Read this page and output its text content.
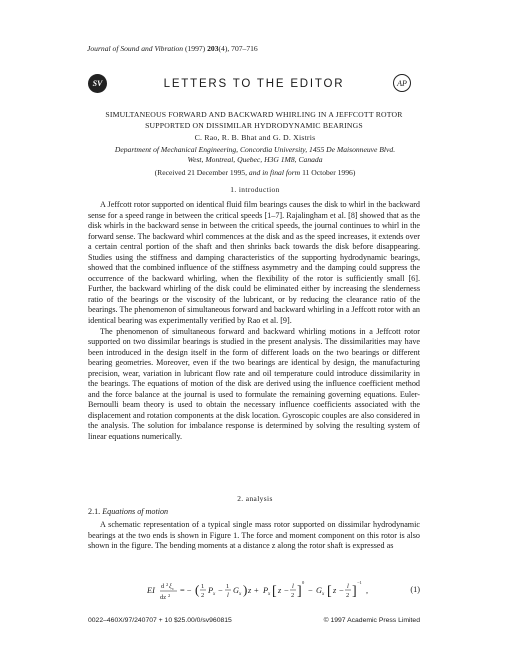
Journal of Sound and Vibration (1997) 203(4), 707–716
SV	LETTERS TO THE EDITOR	AP
SIMULTANEOUS FORWARD AND BACKWARD WHIRLING IN A JEFFCOTT ROTOR SUPPORTED ON DISSIMILAR HYDRODYNAMIC BEARINGS
C. Rao, R. B. Bhat and G. D. Xistris
Department of Mechanical Engineering, Concordia University, 1455 De Maisonneuve Blvd.
West, Montreal, Quebec, H3G 1M8, Canada
(Received 21 December 1995, and in final form 11 October 1996)
1. introduction

A Jeffcott rotor supported on identical fluid film bearings causes the disk to whirl in the backward sense for a speed range in between the critical speeds [1–7]. Rajalingham et al. [8] showed that as the disk whirls in the backward sense in between the critical speeds, the journal continues to whirl in the forward sense. The backward whirl commences at the disk and as the speed increases, it extends over a certain central portion of the shaft and then shrinks back towards the disk before disappearing. Studies using the stiffness and damping characteristics of the supporting hydrodynamic bearings, showed that the combined influence of the stiffness asymmetry and the damping could suppress the occurrence of the backward whirling, when the flexibility of the rotor is sufficiently small [6]. Further, the backward whirling of the disk could be eliminated either by increasing the slenderness ratio of the bearings or the viscosity of the lubricant, or by reducing the clearance ratio of the bearings. The phenomenon of simultaneous forward and backward whirling in a Jeffcott rotor with an identical bearing was experimentally verified by Rao et al. [9].

The phenomenon of simultaneous forward and backward whirling motions in a Jeffcott rotor supported on two dissimilar bearings is studied in the present analysis. The dissimilarities may have been introduced in the design itself in the form of different loads on the two bearings or different bearing geometries. Moreover, even if the two bearings are identical by design, the manufacturing precision, wear, variation in lubricant flow rate and oil temperature could introduce dissimilarity in the bearings. The equations of motion of the disk are derived using the influence coefficient method and the force balance at the journal is used to formulate the remaining governing equations. Euler-Bernoulli beam theory is used to obtain the necessary influence coefficients associated with the displacement and rotation components at the disk location. Gyroscopic couples are also considered in the analysis. The solution for imbalance response is determined by solving the resulting system of linear equations numerically.

2. analysis
2.1. Equations of motion

A schematic representation of a typical single mass rotor supported on dissimilar hydrodynamic bearings at the two ends is shown in Figure 1. The force and moment component on this rotor is also shown in the figure. The bending moments at a distance z along the rotor shaft is expressed as

EI d 2 ξ c
dz 2
= − ( 1
2
P x − 1
l
G x ) z + P x [ z − l
2 ]
0
− G x [ z − l
2 ]
−1
,	(1)
0022–460X/97/240707 + 10 $25.00/0/sv960815	© 1997 Academic Press Limited
